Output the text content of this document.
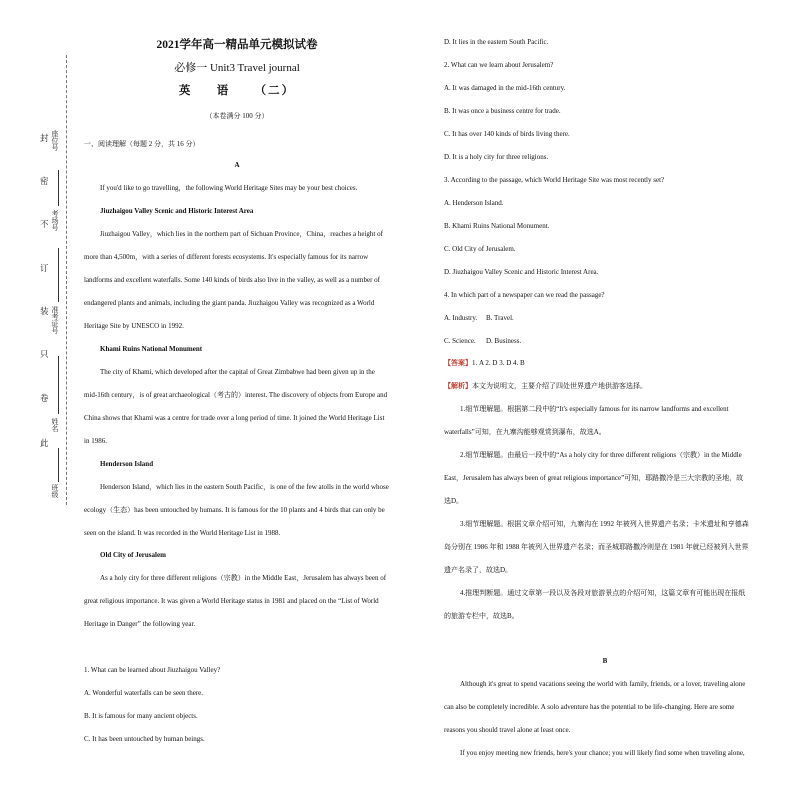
封
密
不
订
装
只
卷
此
座位号
考场号
准考证号
姓名
班级
2021学年高一精品单元模拟试卷
必修一 Unit3 Travel journal
英     语     （二）
（本卷满分 100 分）
一、阅读理解（每题 2 分，共 16 分）
A
If you'd like to go travelling，the following World Heritage Sites may be your best choices.
Jiuzhaigou Valley Scenic and Historic Interest Area
Jiuzhaigou Valley，which lies in the northern part of Sichuan Province，China，reaches a height of
more than 4,500m，with a series of different forests ecosystems. It's especially famous for its narrow
landforms and excellent waterfalls. Some 140 kinds of birds also live in the valley, as well as a number of
endangered plants and animals, including the giant panda. Jiuzhaigou Valley was recognized as a World
Heritage Site by UNESCO in 1992.
Khami Ruins National Monument
The city of Khami, which developed after the capital of Great Zimbabwe had been given up in the
mid-16th century，is of great archaeological（考古的）interest. The discovery of objects from Europe and
China shows that Khami was a centre for trade over a long period of time. It joined the World Heritage List
in 1986.
Henderson Island
Henderson Island，which lies in the eastern South Pacific，is one of the few atolls in the world whose
ecology（生态）has been untouched by humans. It is famous for the 10 plants and 4 birds that can only be
seen on the island. It was recorded in the World Heritage List in 1988.
Old City of Jerusalem
As a holy city for three different religions（宗教）in the Middle East，Jerusalem has always been of
great religious importance. It was given a World Heritage status in 1981 and placed on the “List of World
Heritage in Danger” the following year.
1. What can be learned about Jiuzhaigou Valley?
A. Wonderful waterfalls can be seen there.
B. It is famous for many ancient objects.
C. It has been untouched by human beings.
D. It lies in the eastern South Pacific.
2. What can we learn about Jerusalem?
A. It was damaged in the mid-16th century.
B. It was once a business centre for trade.
C. It has over 140 kinds of birds living there.
D. It is a holy city for three religions.
3. According to the passage, which World Heritage Site was most recently set?
A. Henderson Island.
B. Khami Ruins National Monument.
C. Old City of Jerusalem.
D. Jiuzhaigou Valley Scenic and Historic Interest Area.
4. In which part of a newspaper can we read the passage?
A. Industry. B. Travel.
C. Science. D. Business.
【答案】1. A 2. D 3. D 4. B
【解析】本文为说明文，主要介绍了四处世界遗产地供游客选择。
1.细节理解题。根据第二段中的“It's especially famous for its narrow landforms and excellent
waterfalls”可知，在九寨沟能够观赏到瀑布，故选A。
2.细节理解题。由最后一段中的“As a holy city for three different religions（宗教）in the Middle
East，Jerusalem has always been of great religious importance”可知，耶路撒冷是三大宗教的圣地，故
选D。
3.细节理解题。根据文章介绍可知，九寨沟在 1992 年被列入世界遗产名录；卡米遗址和亨德森
岛分别在 1986 年和 1988 年被列入世界遗产名录；而圣城耶路撒冷则是在 1981 年就已经被列入世界
遗产名录了，故选D。
4.推理判断题。通过文章第一段以及各段对旅游景点的介绍可知，这篇文章有可能出现在报纸
的旅游专栏中，故选B。
B
Although it's great to spend vacations seeing the world with family, friends, or a lover, traveling alone
can also be completely incredible. A solo adventure has the potential to be life-changing. Here are some
reasons you should travel alone at least once.
If you enjoy meeting new friends, here's your chance; you will likely find some when traveling alone,
